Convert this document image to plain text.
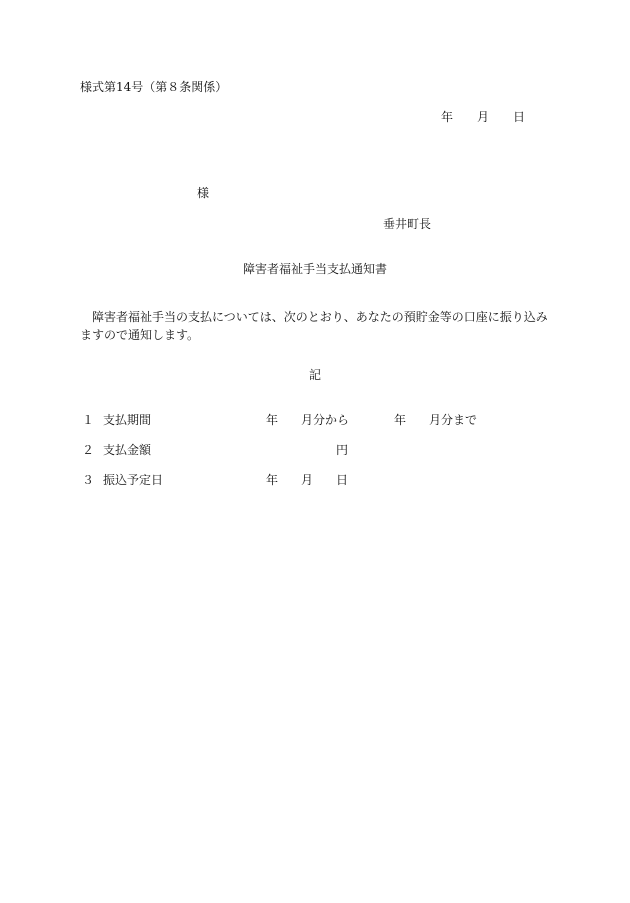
様式第14号（第８条関係）
年 月 日
様
垂井町長
障害者福祉手当支払通知書
障害者福祉手当の支払については、次のとおり、あなたの預貯金等の口座に振り込みますので通知します。
記
１ 支払期間	年 月分から	年 月分まで
２ 支払金額	円
３ 振込予定日	年 月 日
